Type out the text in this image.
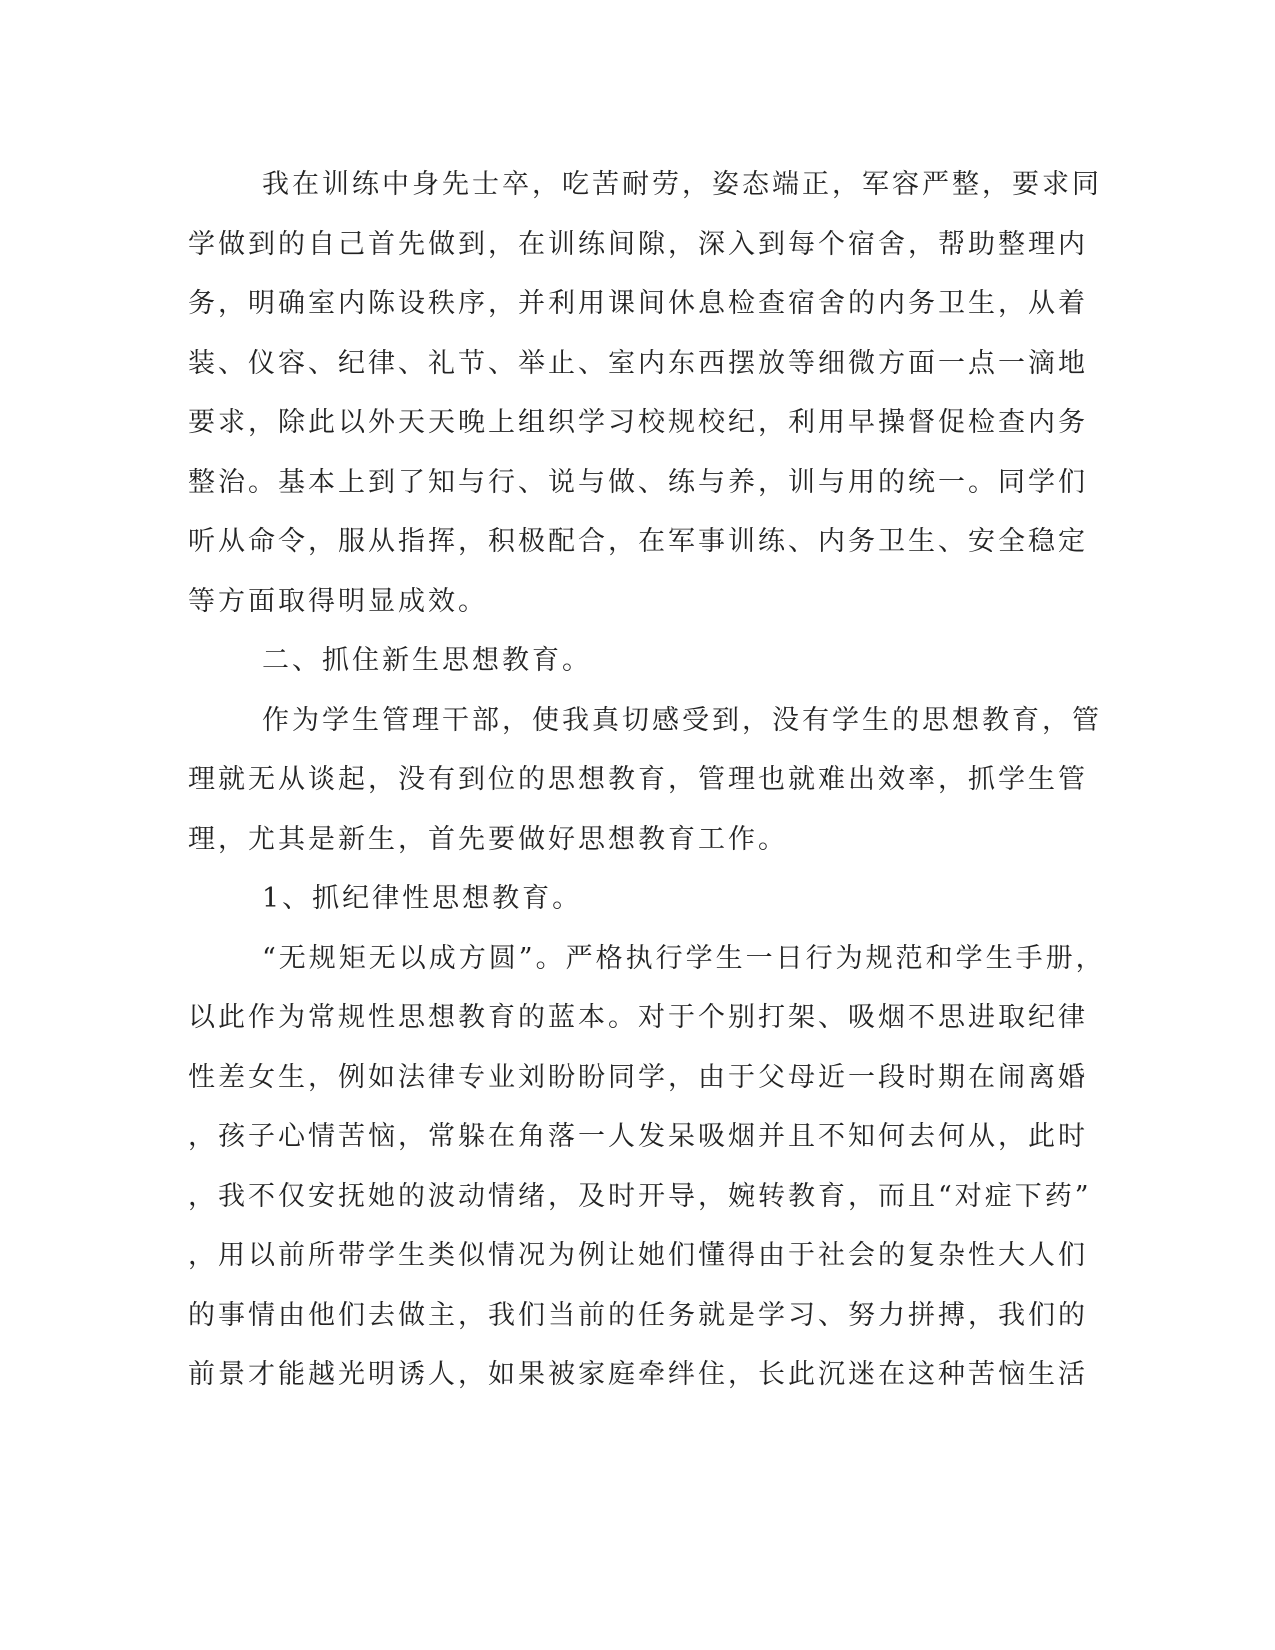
我在训练中身先士卒，吃苦耐劳，姿态端正，军容严整，要求同
学做到的自己首先做到，在训练间隙，深入到每个宿舍，帮助整理内
务，明确室内陈设秩序，并利用课间休息检查宿舍的内务卫生，从着
装、仪容、纪律、礼节、举止、室内东西摆放等细微方面一点一滴地
要求，除此以外天天晚上组织学习校规校纪，利用早操督促检查内务
整治。基本上到了知与行、说与做、练与养，训与用的统一。同学们
听从命令，服从指挥，积极配合，在军事训练、内务卫生、安全稳定
等方面取得明显成效。
二、抓住新生思想教育。
作为学生管理干部，使我真切感受到，没有学生的思想教育，管
理就无从谈起，没有到位的思想教育，管理也就难出效率，抓学生管
理，尤其是新生，首先要做好思想教育工作。
1、抓纪律性思想教育。
“无规矩无以成方圆”。严格执行学生一日行为规范和学生手册，
以此作为常规性思想教育的蓝本。对于个别打架、吸烟不思进取纪律
性差女生，例如法律专业刘盼盼同学，由于父母近一段时期在闹离婚
，孩子心情苦恼，常躲在角落一人发呆吸烟并且不知何去何从，此时
，我不仅安抚她的波动情绪，及时开导，婉转教育，而且“对症下药”
，用以前所带学生类似情况为例让她们懂得由于社会的复杂性大人们
的事情由他们去做主，我们当前的任务就是学习、努力拼搏，我们的
前景才能越光明诱人，如果被家庭牵绊住，长此沉迷在这种苦恼生活
